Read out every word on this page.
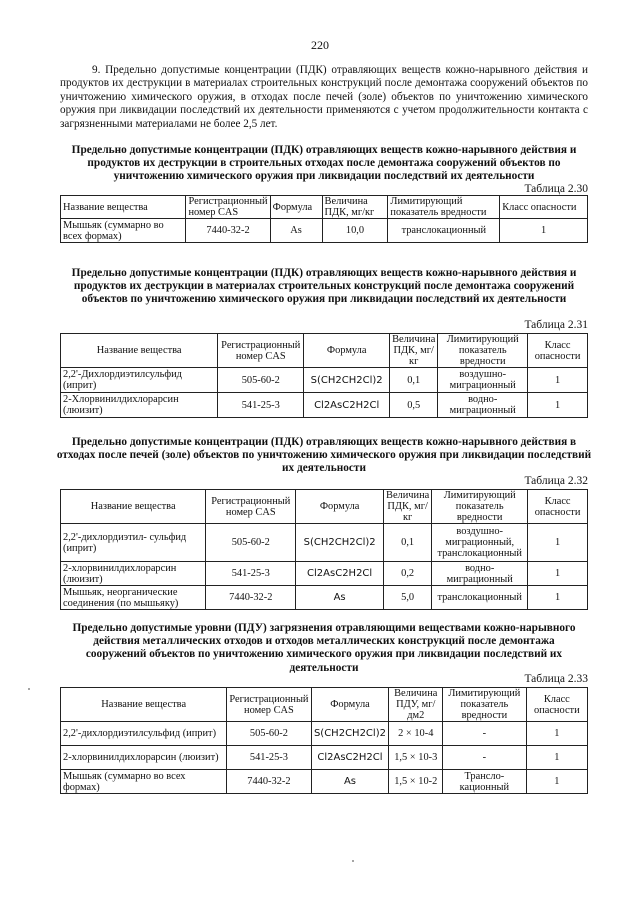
220
9. Предельно допустимые концентрации (ПДК) отравляющих веществ кожно-нарывного действия и продуктов их деструкции в материалах строительных конструкций после демонтажа сооружений объектов по уничтожению химического оружия, в отходах после печей (золе) объектов по уничтожению химического оружия при ликвидации последствий их деятельности применяются с учетом продолжительности контакта с загрязненными материалами не более 2,5 лет.
Предельно допустимые концентрации (ПДК) отравляющих веществ кожно-нарывного действия и продуктов их деструкции в строительных отходах после демонтажа сооружений объектов по уничтожению химического оружия при ликвидации последствий их деятельности
Таблица 2.30
Название вещества	Регистрационный номер CAS	Формула	Величина ПДК, мг/кг	Лимитирующий показатель вредности	Класс опасности
Мышьяк (суммарно во всех формах)	7440-32-2	As	10,0	транслокационный	1
Предельно допустимые концентрации (ПДК) отравляющих веществ кожно-нарывного действия и продуктов их деструкции в материалах строительных конструкций после демонтажа сооружений объектов по уничтожению химического оружия при ликвидации последствий их деятельности
Таблица 2.31
Название вещества	Регистрационный номер CAS	Формула	Величина ПДК, мг/кг	Лимитирующий показатель вредности	Класс опасности
2,2'-Дихлордиэтилсульфид (иприт)	505-60-2	S(CH2CH2Cl)2	0,1	воздушно-миграционный	1
2-Хлорвинилдихлорарсин (люизит)	541-25-3	Cl2AsC2H2Cl	0,5	водно-миграционный	1
Предельно допустимые концентрации (ПДК) отравляющих веществ кожно-нарывного действия в отходах после печей (золе) объектов по уничтожению химического оружия при ликвидации последствий их деятельности
Таблица 2.32
Название вещества	Регистрационный номер CAS	Формула	Величина ПДК, мг/кг	Лимитирующий показатель вредности	Класс опасности
2,2'-дихлордиэтил- сульфид (иприт)	505-60-2	S(CH2CH2Cl)2	0,1	воздушно-миграционный, транслокационный	1
2-хлорвинилдихлорарсин (люизит)	541-25-3	Cl2AsC2H2Cl	0,2	водно-миграционный	1
Мышьяк, неорганические соединения (по мышьяку)	7440-32-2	As	5,0	транслокационный	1
Предельно допустимые уровни (ПДУ) загрязнения отравляющими веществами кожно-нарывного действия металлических отходов и отходов металлических конструкций после демонтажа сооружений объектов по уничтожению химического оружия при ликвидации последствий их деятельности
Таблица 2.33
Название вещества	Регистрационный номер CAS	Формула	Величина ПДУ, мг/дм2	Лимитирующий показатель вредности	Класс опасности
2,2'-дихлордиэтилсульфид (иприт)	505-60-2	S(CH2CH2Cl)2	2 × 10-4	-	1
2-хлорвинилдихлорарсин (люизит)	541-25-3	Cl2AsC2H2Cl	1,5 × 10-3	-	1
Мышьяк (суммарно во всех формах)	7440-32-2	As	1,5 × 10-2	Трансло-кационный	1
